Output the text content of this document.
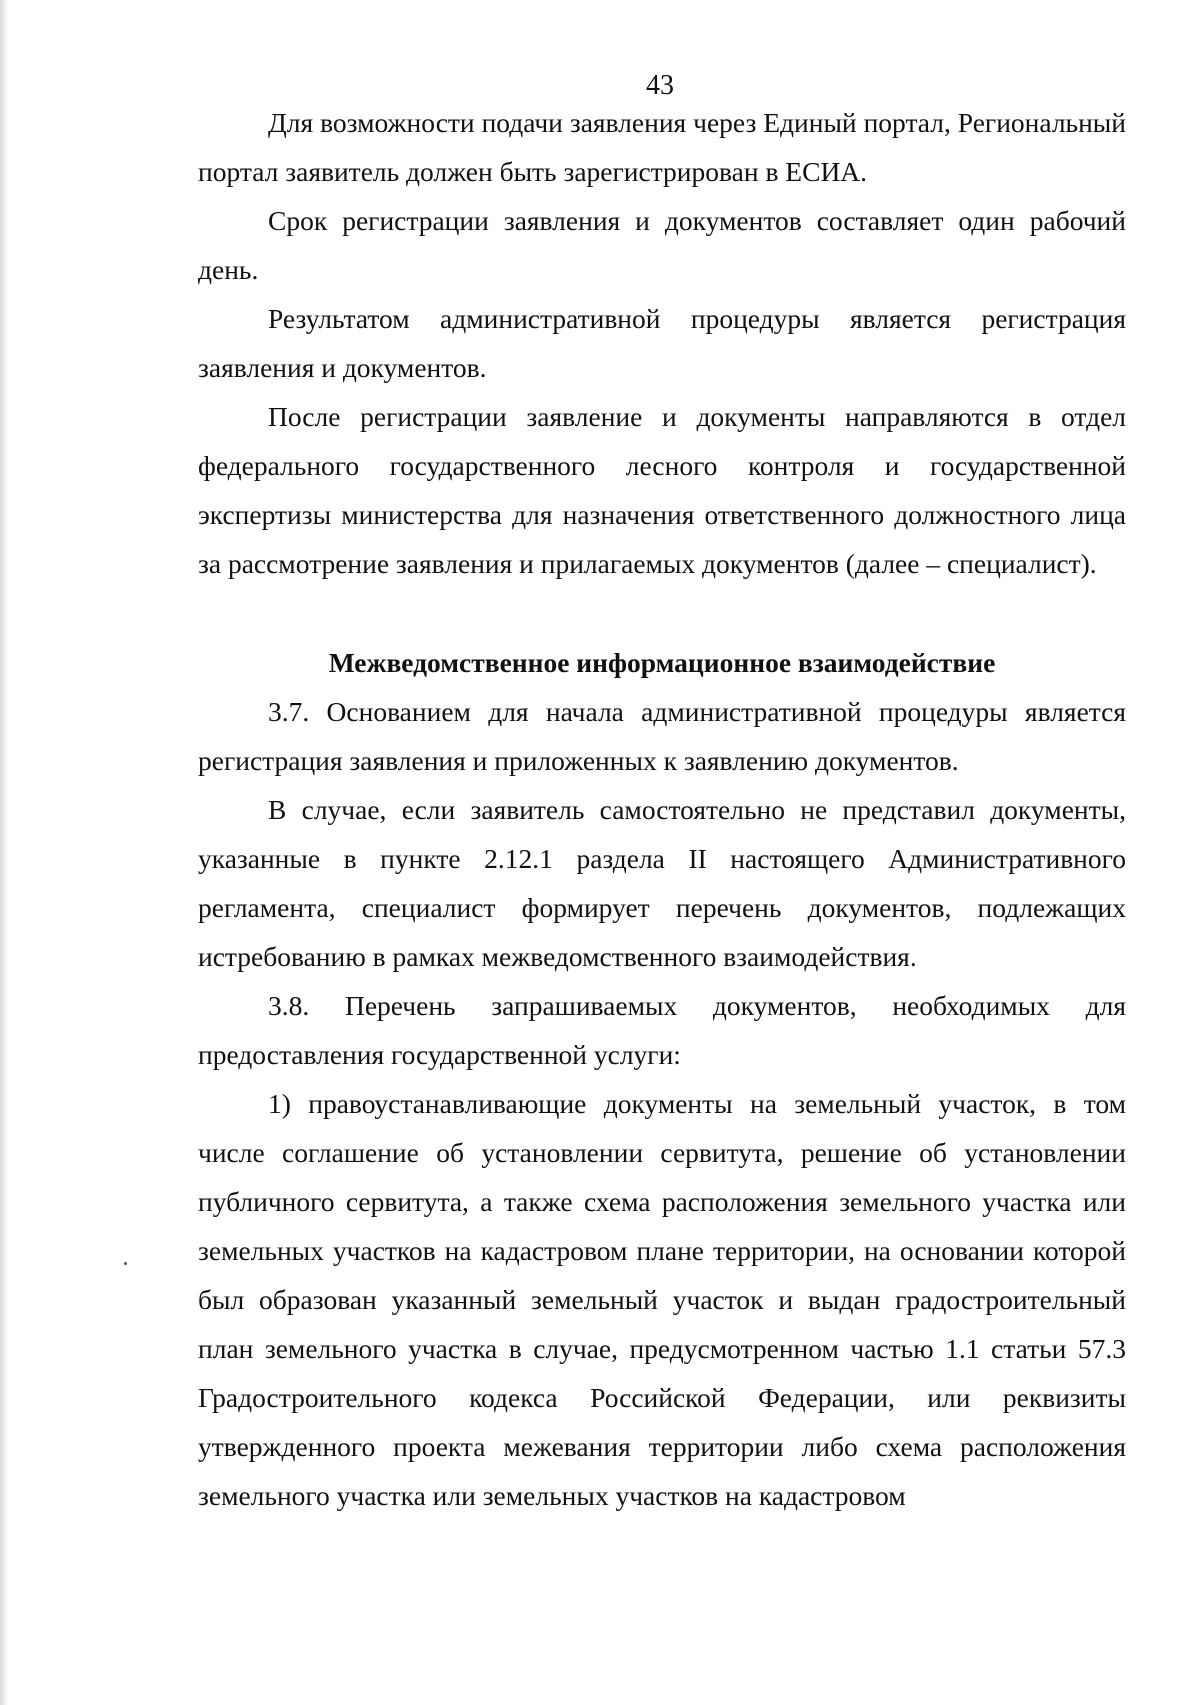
43

Для возможности подачи заявления через Единый портал, Региональный портал заявитель должен быть зарегистрирован в ЕСИА.

Срок регистрации заявления и документов составляет один рабочий день.

Результатом административной процедуры является регистрация заявления и документов.

После регистрации заявление и документы направляются в отдел федерального государственного лесного контроля и государственной экспертизы министерства для назначения ответственного должностного лица за рассмотрение заявления и прилагаемых документов (далее – специалист).

Межведомственное информационное взаимодействие

3.7. Основанием для начала административной процедуры является регистрация заявления и приложенных к заявлению документов.

В случае, если заявитель самостоятельно не представил документы, указанные в пункте 2.12.1 раздела II настоящего Административного регламента, специалист формирует перечень документов, подлежащих истребованию в рамках межведомственного взаимодействия.

3.8. Перечень запрашиваемых документов, необходимых для предоставления государственной услуги:

1) правоустанавливающие документы на земельный участок, в том числе соглашение об установлении сервитута, решение об установлении публичного сервитута, а также схема расположения земельного участка или земельных участков на кадастровом плане территории, на основании которой был образован указанный земельный участок и выдан градостроительный план земельного участка в случае, предусмотренном частью 1.1 статьи 57.3 Градостроительного кодекса Российской Федерации, или реквизиты утвержденного проекта межевания территории либо схема расположения земельного участка или земельных участков на кадастровом
